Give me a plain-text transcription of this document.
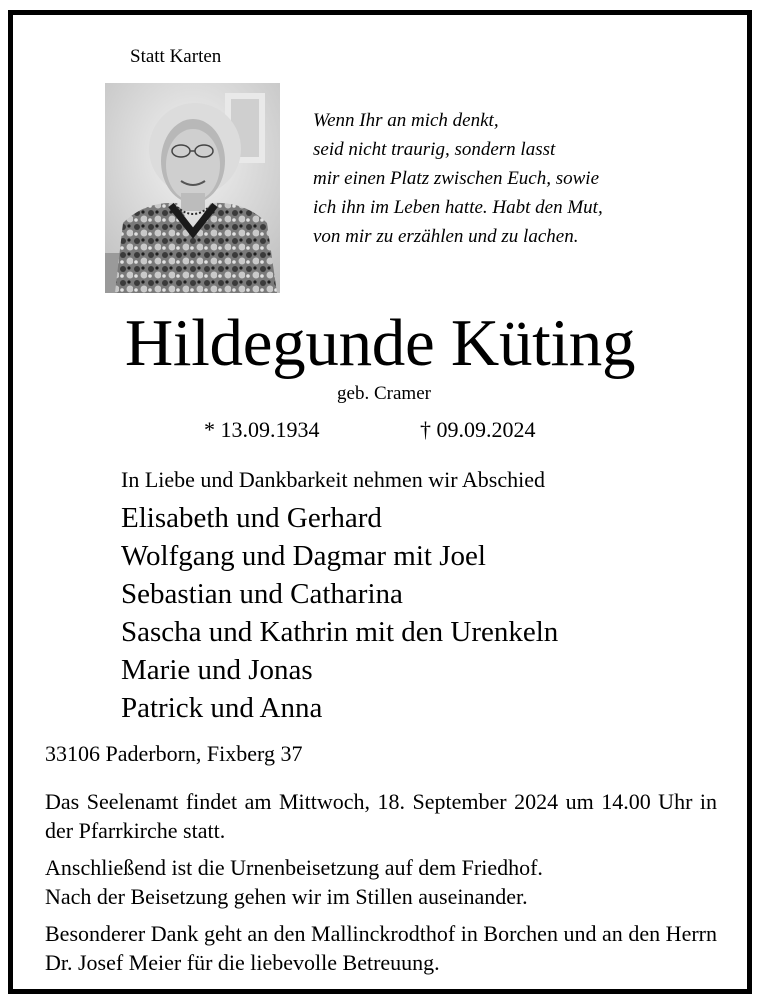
Statt Karten
Wenn Ihr an mich denkt,
seid nicht traurig, sondern lasst
mir einen Platz zwischen Euch, sowie
ich ihn im Leben hatte. Habt den Mut,
von mir zu erzählen und zu lachen.
Hildegunde Küting
geb. Cramer
* 13.09.1934	† 09.09.2024
In Liebe und Dankbarkeit nehmen wir Abschied
Elisabeth und Gerhard
Wolfgang und Dagmar mit Joel
Sebastian und Catharina
Sascha und Kathrin mit den Urenkeln
Marie und Jonas
Patrick und Anna
33106 Paderborn, Fixberg 37
Das Seelenamt findet am Mittwoch, 18. September 2024 um 14.00 Uhr in der Pfarrkirche statt.
Anschließend ist die Urnenbeisetzung auf dem Friedhof.
Nach der Beisetzung gehen wir im Stillen auseinander.
Besonderer Dank geht an den Mallinckrodthof in Borchen und an den Herrn Dr. Josef Meier für die liebevolle Betreuung.
